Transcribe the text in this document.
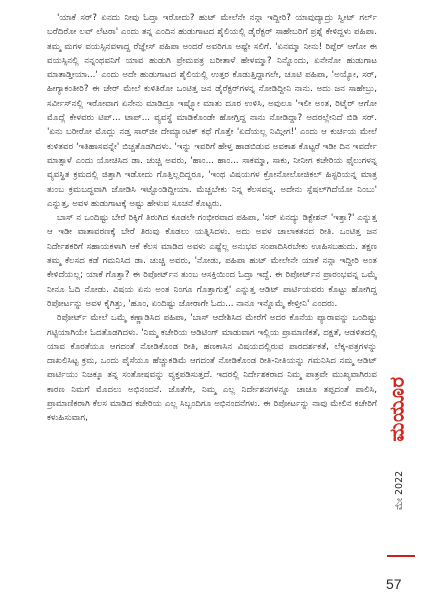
'ಯಾಕೆ ಸರ್? ಏನದು ನೀವು ಓದ್ತಾ ಇರೋದು? ಹುಟ್ ಮೇಲೆನೇ ನನ್ಗಾ ಇದ್ದೀರಿ? ಯಾವುದ್ಯಾದ್ರು ಸ್ವೀಟ್ ಗರ್ಲ್ ಬರೆದಿರೋ ಲವ್ ಲೆಟರಾ' ಎಂದು ತನ್ನ ಎಂದಿನ ಹುಡುಗಾಟದ ಶೈಲಿಯಲ್ಲಿ ಡೈರೆಕ್ಟರ್ ಸಾಹೇಬರಿಗೆ ಪ್ರಶ್ನೆ ಕೇಳಿದ್ದಳು ಪಹಿಪಾ. ತಮ್ಮ ಮಗಳ ವಯಸ್ಸಿನವಳಾದ್ದ ರೆಜ್ಞೇಸ್ ಪಹಿಪಾ ಅಂದರೆ ಅವರಿಗೂ ಅಷ್ಟೇ ಸಲಿಗೆ. 'ಏನಮ್ಮಾ ನೀನು! ರಿಪ್ಪೆರ್ ಆಗೋ ಈ ವಯಸ್ಸಿನಲ್ಲಿ ನನ್ನಂಥವನಿಗೆ ಯಾವ ಹುಡುಗಿ ಪ್ರೇಮಪತ್ರ ಬರೀತಾಳೆ ಹೇಳಮ್ಮಾ? ನಿನ್ನೊಂದು, ಏನೇನೋ ಹುಡುಗಾಟ ಮಾತಾಡ್ತೀಯಾ...' ಎಂದು ಅದೇ ಹುಡುಗಾಟದ ಶೈಲಿಯಲ್ಲಿ ಉತ್ತರ ಕೊಡುತ್ತಿದ್ದಾಗಲೇ, ಚೂಟಿ ಪಹಿಪಾ, 'ಅಯ್ಯೋ, ಸರ್, ಹೀಗ್ಯಾಕಂತೀರಿ? ಈ ಚೇರ್ ಮೇಲೆ ಕುಳಿತಿರೋ ಒಂಟಿತ್ತ ಜನ ಡೈರೆಕ್ಟರ್‌ಗಳನ್ನ ನೋಡಿದ್ದೀನಿ ನಾನು. ಅದು ಜನ ಸಾಹೇಬ್ರು, ಸರ್ವೀಸ್‌ನಲ್ಲಿ ಇರೋವಾಗ ಏನೇನು ಮಾಡಿದ್ರೂ ಇಷ್ಟ್ಕೋ ಮಾತು ದೂರ ಉಳಿಸಿ, ಅವುಲೂ 'ಇಲೀ ಅಂತ, ರಿಟೈರ್ ಆಗೋ ಮೊದ್ಲೆ ಕೇಳವರು ಟಿಪ್... ಟಾಪ್... ವ್ಯವಸ್ಥೆ ಮಾಡಿಕೊಂಡೇ ಹೋಗ್ತಿದ್ದ ನಾನು ನೋಡಿದ್ದಾ? ಅದರಲ್ಲೇನಿದೆ ಬಿಡಿ ಸರ್. 'ಏನು ಬರೀರೋ ಮೊದ್ಲು ನಡ್ತ ಸಾರ್‌ಜೀ ದೇಮ್ಯಾಂಟಿಕ್ ಕಥೆ ಗೊತ್ತೇ 'ಏದೆಯಲ್ಲ ನಿಮ್ಗೀಗ!' ಎಂದು ಆ ಕುರ್ಚಿಯ ಮೇಲೆ ಕುಳಿತವರ 'ಇತಿಹಾಸವನ್ನೇ' ಬಿಚ್ಚತೊಡಗಿದಳು. 'ಇನ್ನು ಇವರಿಗೆ ಹೇಳ್ತ ಹಾಡಬಿಡುವ ಅವಕಾಶ ಕೊಟ್ಟರೆ ಇಡೀ ದಿನ ಇವರ್ದೇ ಮಾತ್ಸಾಳೆ ಎಂದು ಯೋಚಿಸಿದ ಡಾ. ಚುಚ್ಚಿ ಅವರು, 'ಹಾಂ... ಹಾಂ... ಸಾಕಮ್ಮಾ, ಸಾಕು, ನೀನೀಗ ಕಚೇರಿಯ ಫೈಲುಗಳನ್ನ ವ್ಯವಸ್ಥಿತ ಕ್ರಮದಲ್ಲಿ ಜಿತ್ತಾಗಿ ಇಡೋದು ಗೊತ್ತಿಲ್ಲದಿದ್ದರೂ, 'ಇಂಥ ವಿಷಯಗಳ ಕ್ರೋನೋಲೋಜಿಕಲ್ ಹಿಸ್ಟರಿಯನ್ನ ಮಾತ್ರ ತುಂಬ ಕ್ರಮಬದ್ಧವಾಗಿ ಜೋಡಿಸಿ ಇಟ್ಟೊಂಡಿದ್ದೀಯಾ. ಮೆಚ್ಚಬೇಕು ನಿನ್ನ ಕೆಲಸವನ್ನ. ಅದೇನು ಸ್ಪೆಷಲ್‌ಗಿದೆಯೋ ನಿಂಬು' ಎನ್ನುತ್ತ, ಅವಳ ಹುಡುಗಾಟಕ್ಕೆ ಅಷ್ಟು ಹೇಳುವ ಸೂಚನೆ ಕೊಟ್ಟರು.

ಬಾಸ್ ನ ಒಂದಿಷ್ಟು ಬೇರೆ ರಿಕ್ಕಿಗೆ ತಿರುಗಿದ ಕೂಡಲೇ ಗಂಭೀರವಾದ ಪಹಿಪಾ, 'ಸರ್ ಏನದ್ಯು ಡಿಕ್ಟೇಶನ್ 'ಇತ್ತಾ?' ಎನ್ನುತ್ತ ಆ ಇಡೀ ವಾತಾವರಣಕ್ಕೆ ಬೇರೆ ತಿರುವು ಕೊಡಲು ಯತ್ನಿಸಿದಳು. ಅದು ಅವಳ ಚಾಲಾಕತನದ ರೀತಿ. ಒಂಟಿತ್ತ ಜನ ನಿರ್ದೇಶಕರಿಗೆ ಸಹಾಯಕಳಾಗಿ ಆಕೆ ಕೆಲಸ ಮಾಡಿದ ಅವಳು ಎಷ್ಟೆಲ್ಲ ಅನುಭವ ಸಂಪಾದಿಸಿರಬೇಕು ಊಹಿಸಬಹುದು. ತಕ್ಷಣ ತಮ್ಮ ಕೆಲಸದ ಕಡೆ ಗಮನಿಸಿದ ಡಾ. ಚುಚ್ಚಿ ಅವರು, 'ನೋಡು, ಪಹಿಪಾ ಹುಟ್ ಮೇಲೇನೇ ಯಾಕೆ ನನ್ಗಾ ಇದ್ದೀರಿ ಅಂತ ಕೇಳಿದೆಯಲ್ಲ; ಯಾಕೆ ಗೊತ್ತಾ? ಈ ರಿಪೋರ್ಟ್‌ನ ತುಂಬ ಆಸಕ್ತಿಯಿಂದ ಓದ್ತಾ ಇದ್ದೆ. ಈ ರಿಪೋರ್ಟ್‌ನ ಪ್ರಾರಂಭವನ್ನ ಒಮ್ಮೆ ನೀನೂ ಓದಿ ನೋಡು. ವಿಷಯ ಏನು ಅಂತ ನಿಂಗೂ ಗೊತ್ತಾಗುತ್ತೆ' ಎನ್ನುತ್ತ ಆಡಿಟ್ ಪಾರ್ಟಿಯವರು ಕೊಟ್ಟು ಹೋಗಿದ್ದ ರಿಪೋರ್ಟನ್ನು ಅವಳ ಕೈಗಿತ್ತು, 'ಹೂಂ, ಏಂದಿಷ್ಟು ಜೋರಾಗೇ ಓದು... ನಾನೂ ಇನ್ನೊಮ್ಮೆ ಕೇಳ್ತೀನಿ' ಎಂದರು.

ರಿಪೋರ್ಟ್ ಮೇಲೆ ಒಮ್ಮೆ ಕಣ್ಣಾಡಿಸಿದ ಪಹಿಪಾ, 'ಬಾಸ್ ಆದೇಶಿಸಿದ ಮೇರೆಗೆ ಅದರ ಕೊನೆಯ ಪ್ಯಾರಾವನ್ನು ಒಂದಿಷ್ಟು ಗಟ್ಟಿಯಾಗಿಯೇ ಓದತೊಡಗಿದಳು. 'ನಿಮ್ಮ ಕಚೇರಿಯ ಆಡಿಟಿಂಗ್ ಮಾಡುವಾಗ ಇಲ್ಲಿಯ ಪ್ರಾಮಾಣಿಕತೆ, ದಕ್ಷತೆ, ಆಡಳಿತದಲ್ಲಿ ಯಾವ ಕೊರತೆಯೂ ಆಗದಂತೆ ನೋಡಿಕೊಂಡ ರೀತಿ, ಹಣಕಾಸಿನ ವಿಷಯದಲ್ಲಿರುವ ಪಾರದರ್ಶಕತೆ, ಲೆಕ್ಕ-ಪತ್ರಗಳನ್ನು ದಾಖಲಿಸಿಟ್ಟ ಕ್ರಮ, ಒಂದು ಪೈಸೆಯೂ ಹೆಚ್ಚುಕಡಿಮೆ ಆಗದಂತೆ ನೋಡಿಕೊಂಡ ರೀತಿ-ನೀತಿಯನ್ನು ಗಮನಿಸಿದ ನಮ್ಮ ಆಡಿಟ್ ಪಾರ್ಟಿಯು ನಿಜಕ್ಕೂ ತನ್ನ ಸಂತೋಷವನ್ನು ವ್ಯಕ್ತಪಡಿಸುತ್ತದೆ. ಇದರಲ್ಲಿ ನಿರ್ದೇಶಕರಾದ ನಿಮ್ಮ ಪಾತ್ರವೇ ಮುಖ್ಯವಾಗಿರುವ ಕಾರಣ ನಿಮಗೆ ಮೊದಲು ಅಭಿನಂದನೆ. ಜೊತೆಗೇ, ನಿಮ್ಮ ಎಲ್ಲ ನಿರ್ದೇಶನಗಳನ್ನೂ ಚಾಚೂ ತಪ್ಪದಂತೆ ಪಾಲಿಸಿ, ಪ್ರಾಮಾಣಿಕರಾಗಿ ಕೆಲಸ ಮಾಡಿದ ಕಚೇರಿಯ ಎಲ್ಲ ಸಿಬ್ಬಂದಿಗೂ ಅಭಿನಂದನೆಗಳು. ಈ ರಿಪೋರ್ಟನ್ನು ನಾವು ಮೇಲಿನ ಕಚೇರಿಗೆ ಕಳುಹಿಸುವಾಗ,	ಮಯೂರ
ಮೇ 2022
57
